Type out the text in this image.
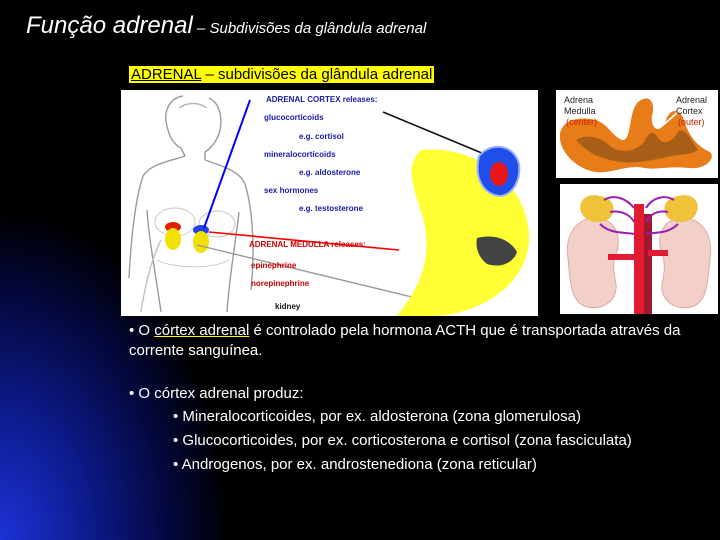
Função adrenal – Subdivisões da glândula adrenal
ADRENAL – subdivisões da glândula adrenal
ADRENAL CORTEX releases:
glucocorticoids
e.g. cortisol
mineralocorticoids
e.g. aldosterone
sex hormones
e.g. testosterone
ADRENAL MEDULLA releases:
epinephrine
norepinephrine
kidney
Adrena
Medulla
(center)
Adrenal
Cortex
(outer)
• O córtex adrenal é controlado pela hormona ACTH que é transportada através da corrente sanguínea.
• O córtex adrenal produz:
• Mineralocorticoides, por ex. aldosterona (zona glomerulosa)
• Glucocorticoides, por ex. corticosterona e cortisol (zona fasciculata)
• Androgenos, por ex. androstenediona (zona reticular)
